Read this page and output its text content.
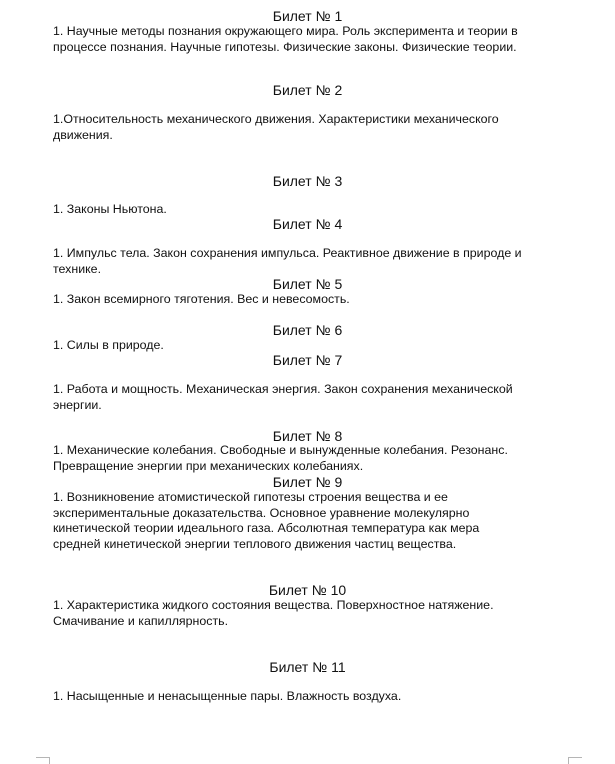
Билет № 1

1. Научные методы познания окружающего мира. Роль эксперимента и теории в
процессе познания. Научные гипотезы. Физические законы. Физические теории.

Билет № 2

1.Относительность механического движения. Характеристики механического
движения.

Билет № 3

1. Законы Ньютона.

Билет № 4

1. Импульс тела. Закон сохранения импульса. Реактивное движение в природе и
технике.

Билет № 5

1. Закон всемирного тяготения. Вес и невесомость.

Билет № 6

1. Силы в природе.

Билет № 7

1. Работа и мощность. Механическая энергия. Закон сохранения механической
энергии.

Билет № 8

1. Механические колебания. Свободные и вынужденные колебания. Резонанс.
Превращение энергии при механических колебаниях.

Билет № 9

1. Возникновение атомистической гипотезы строения вещества и ее
экспериментальные доказательства. Основное уравнение молекулярно
кинетической теории идеального газа. Абсолютная температура как мера
средней кинетической энергии теплового движения частиц вещества.

Билет № 10

1. Характеристика жидкого состояния вещества. Поверхностное натяжение.
Смачивание и капиллярность.

Билет № 11

1. Насыщенные и ненасыщенные пары. Влажность воздуха.
